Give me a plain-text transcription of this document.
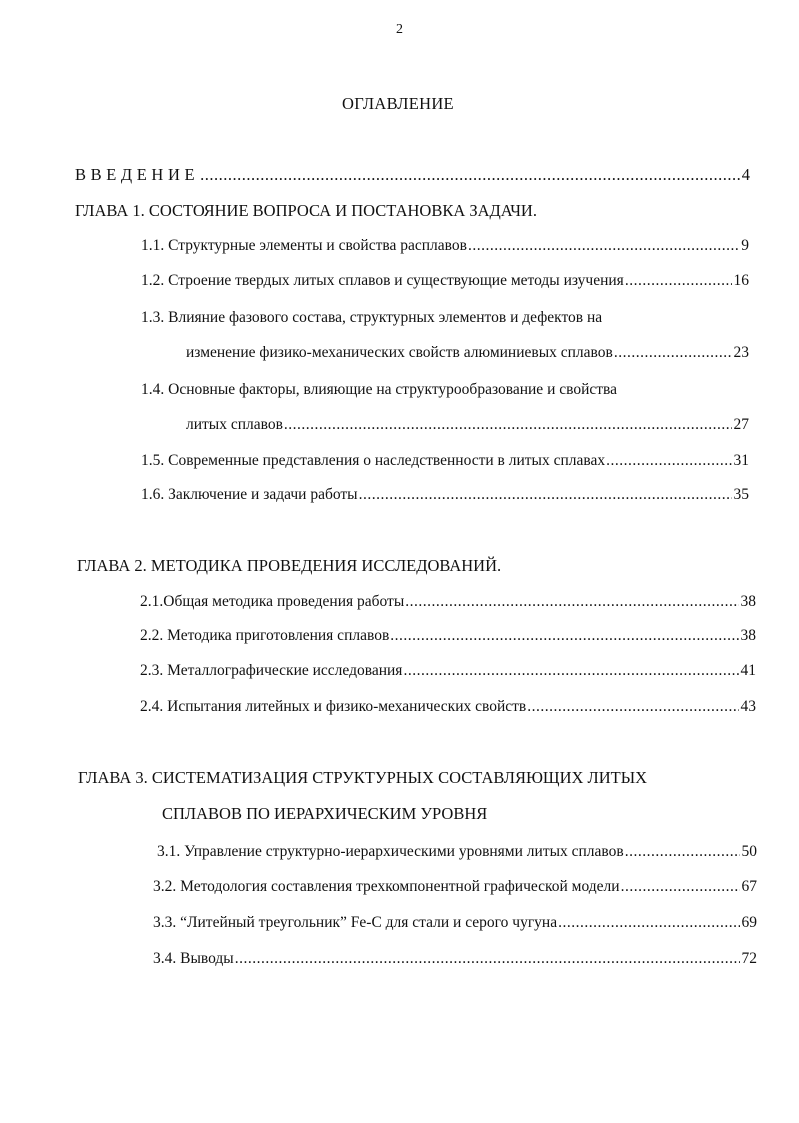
2
ОГЛАВЛЕНИЕ
ВВЕДЕНИЕ .....	4
ГЛАВА 1. СОСТОЯНИЕ ВОПРОСА И ПОСТАНОВКА ЗАДАЧИ.
1.1. Структурные элементы и свойства расплавов .....	9
1.2. Строение твердых литых сплавов и существующие методы изучения .....	16
1.3. Влияние фазового состава, структурных элементов и дефектов на
изменение физико-механических свойств алюминиевых сплавов .....	23
1.4. Основные факторы, влияющие на структурообразование и свойства
литых сплавов .....	27
1.5. Современные представления о наследственности в литых сплавах .....	31
1.6. Заключение и задачи работы .....	35
ГЛАВА 2. МЕТОДИКА ПРОВЕДЕНИЯ ИССЛЕДОВАНИЙ.
2.1.Общая методика проведения работы .....	38
2.2. Методика приготовления сплавов .....	38
2.3. Металлографические исследования .....	41
2.4. Испытания литейных и физико-механических свойств .....	43
ГЛАВА 3. СИСТЕМАТИЗАЦИЯ СТРУКТУРНЫХ СОСТАВЛЯЮЩИХ ЛИТЫХ
СПЛАВОВ ПО ИЕРАРХИЧЕСКИМ УРОВНЯ
3.1. Управление структурно-иерархическими уровнями литых сплавов .....	50
3.2. Методология составления трехкомпонентной графической модели .....	67
3.3. “Литейный треугольник” Fe-C для стали и серого чугуна .....	69
3.4. Выводы .....	72
